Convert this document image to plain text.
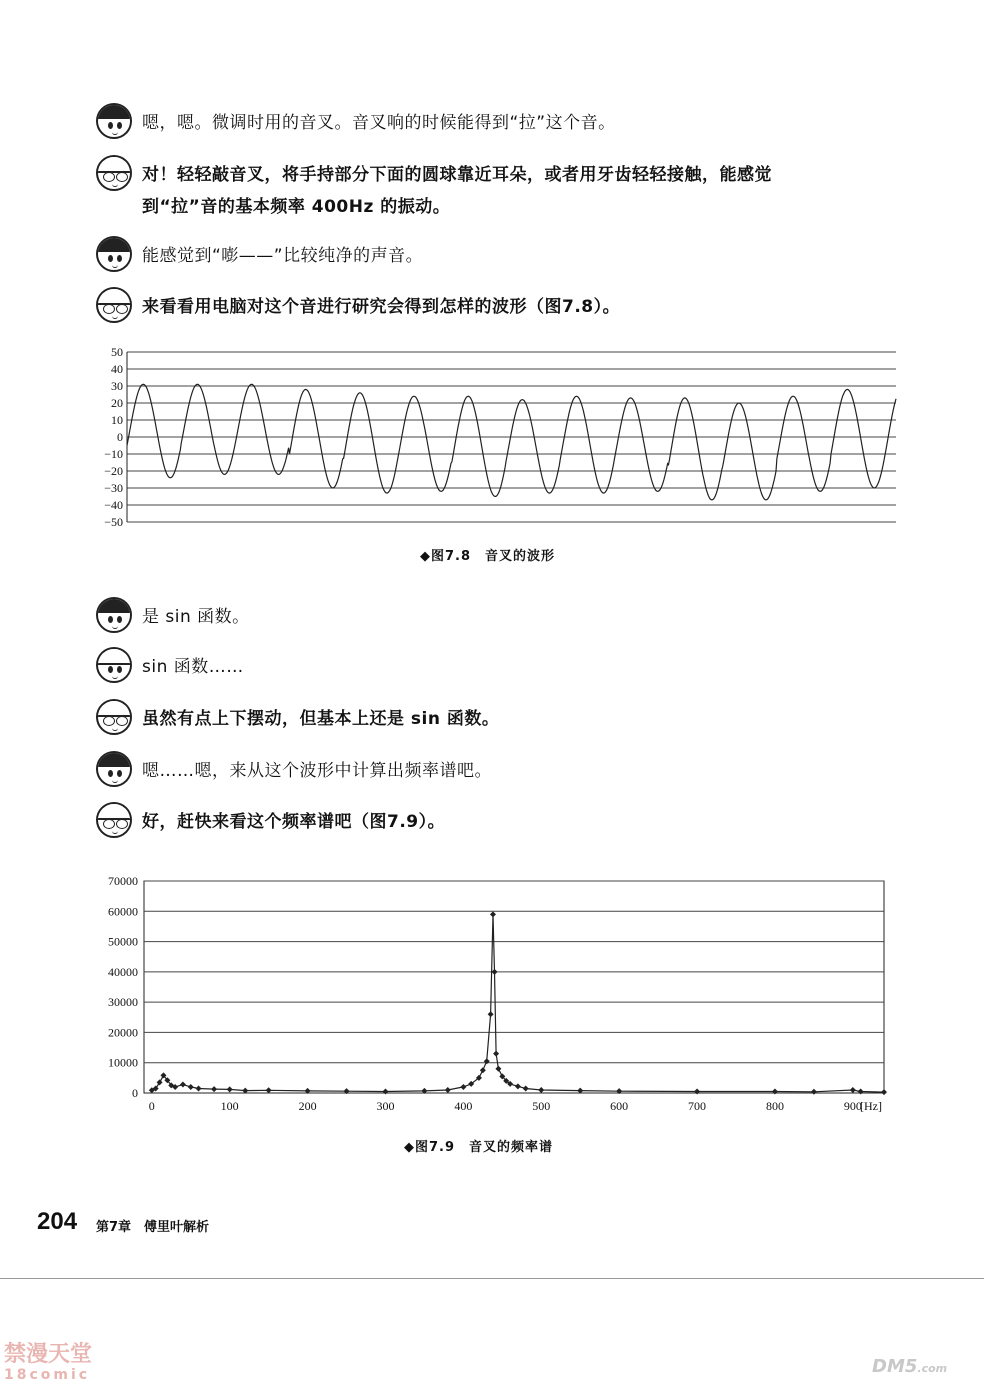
嗯，嗯。微调时用的音叉。音叉响的时候能得到“拉”这个音。
对！轻轻敲音叉，将手持部分下面的圆球靠近耳朵，或者用牙齿轻轻接触，能感觉
到“拉”音的基本频率 400Hz 的振动。
能感觉到“嘭——”比较纯净的声音。
来看看用电脑对这个音进行研究会得到怎样的波形（图7.8）。
50
40
30
20
10
0
−10
−20
−30
−40
−50
◆图7.8　音叉的波形
是 sin 函数。
sin 函数……
虽然有点上下摆动，但基本上还是 sin 函数。
嗯……嗯，来从这个波形中计算出频率谱吧。
好，赶快来看这个频率谱吧（图7.9）。
0
10000
20000
30000
40000
50000
60000
70000
0	100	200	300	400	500	600	700	800	900
[Hz]
◆图7.9　音叉的频率谱
204 第7章　傅里叶解析
禁漫天堂
18comic	DM5.com
